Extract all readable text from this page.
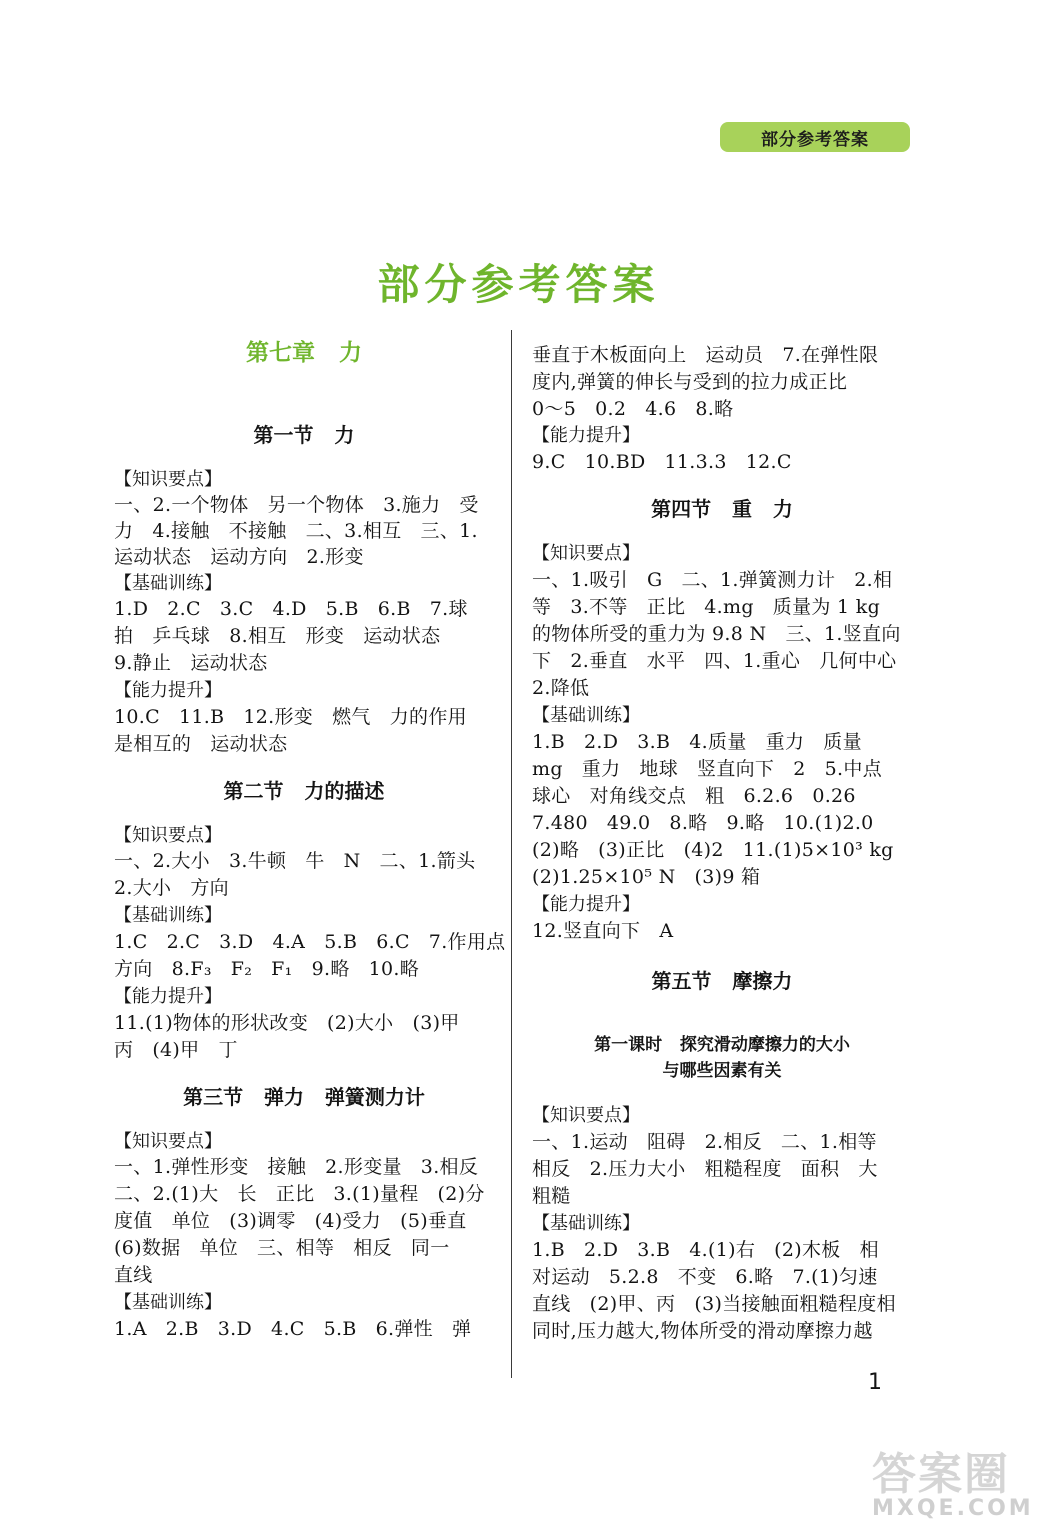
部分参考答案
部分参考答案
第七章   力
第一节   力
【知识要点】
一、2.一个物体   另一个物体   3.施力   受
力   4.接触   不接触   二、3.相互   三、1.
运动状态   运动方向   2.形变
【基础训练】
1.D   2.C   3.C   4.D   5.B   6.B   7.球
拍   乒乓球   8.相互   形变   运动状态
9.静止   运动状态
【能力提升】
10.C   11.B   12.形变   燃气   力的作用
是相互的   运动状态
第二节   力的描述
【知识要点】
一、2.大小   3.牛顿   牛   N   二、1.箭头
2.大小   方向
【基础训练】
1.C   2.C   3.D   4.A   5.B   6.C   7.作用点
方向   8.F₃   F₂   F₁   9.略   10.略
【能力提升】
11.(1)物体的形状改变   (2)大小   (3)甲
丙   (4)甲   丁
第三节   弹力   弹簧测力计
【知识要点】
一、1.弹性形变   接触   2.形变量   3.相反
二、2.(1)大   长   正比   3.(1)量程   (2)分
度值   单位   (3)调零   (4)受力   (5)垂直
(6)数据   单位   三、相等   相反   同一
直线
【基础训练】
1.A   2.B   3.D   4.C   5.B   6.弹性   弹
垂直于木板面向上   运动员   7.在弹性限
度内,弹簧的伸长与受到的拉力成正比
0～5   0.2   4.6   8.略
【能力提升】
9.C   10.BD   11.3.3   12.C
第四节   重   力
【知识要点】
一、1.吸引   G   二、1.弹簧测力计   2.相
等   3.不等   正比   4.mg   质量为 1 kg
的物体所受的重力为 9.8 N   三、1.竖直向
下   2.垂直   水平   四、1.重心   几何中心
2.降低
【基础训练】
1.B   2.D   3.B   4.质量   重力   质量
mg   重力   地球   竖直向下   2   5.中点
球心   对角线交点   粗   6.2.6   0.26
7.480   49.0   8.略   9.略   10.(1)2.0
(2)略   (3)正比   (4)2   11.(1)5×10³ kg
(2)1.25×10⁵ N   (3)9 箱
【能力提升】
12.竖直向下   A
第五节   摩擦力
第一课时   探究滑动摩擦力的大小
与哪些因素有关
【知识要点】
一、1.运动   阻碍   2.相反   二、1.相等
相反   2.压力大小   粗糙程度   面积   大
粗糙
【基础训练】
1.B   2.D   3.B   4.(1)右   (2)木板   相
对运动   5.2.8   不变   6.略   7.(1)匀速
直线   (2)甲、丙   (3)当接触面粗糙程度相
同时,压力越大,物体所受的滑动摩擦力越
1
答案圈
MXQE.COM
